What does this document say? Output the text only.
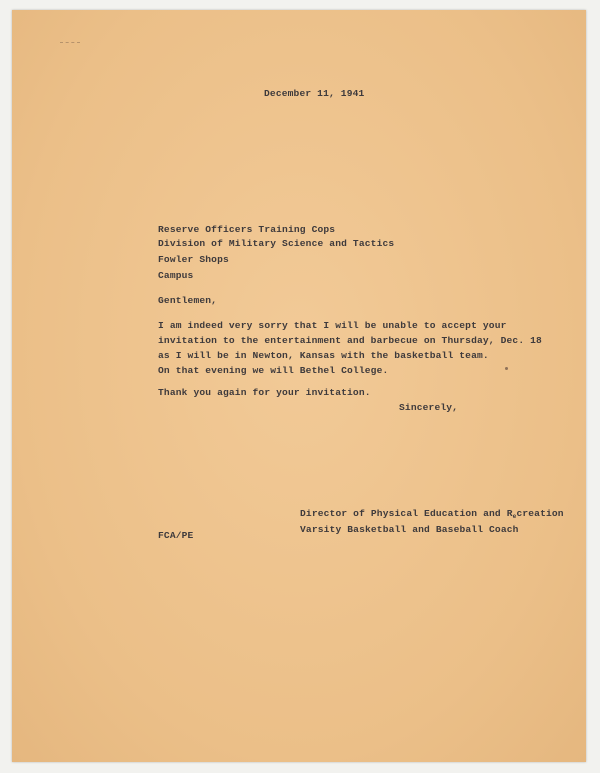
December 11, 1941

Reserve Officers Training Cops

Division of Military Science and Tactics

Fowler Shops

Campus

Gentlemen,

I am indeed very sorry that I will be unable to accept your

invitation to the entertainment and barbecue on Thursday, Dec. 18

as I will be in Newton, Kansas with the basketball team.

On that evening we will Bethel College.

Thank you again for your invitation.

Sincerely,

Director of Physical Education and $R_ecreation$

Varsity Basketball and Baseball Coach

FCA/PE
